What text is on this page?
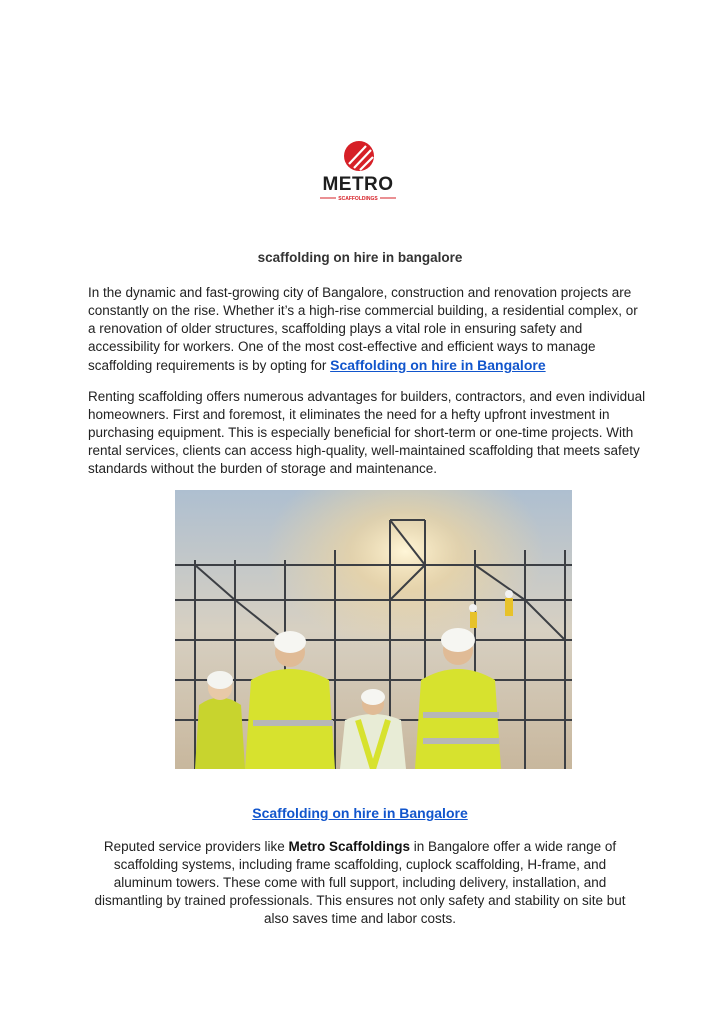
METRO
SCAFFOLDINGS
scaffolding on hire in bangalore
In the dynamic and fast-growing city of Bangalore, construction and renovation projects are constantly on the rise. Whether it’s a high-rise commercial building, a residential complex, or a renovation of older structures, scaffolding plays a vital role in ensuring safety and accessibility for workers. One of the most cost-effective and efficient ways to manage scaffolding requirements is by opting for Scaffolding on hire in Bangalore
Renting scaffolding offers numerous advantages for builders, contractors, and even individual homeowners. First and foremost, it eliminates the need for a hefty upfront investment in purchasing equipment. This is especially beneficial for short-term or one-time projects. With rental services, clients can access high-quality, well-maintained scaffolding that meets safety standards without the burden of storage and maintenance.
Scaffolding on hire in Bangalore
Reputed service providers like Metro Scaffoldings in Bangalore offer a wide range of scaffolding systems, including frame scaffolding, cuplock scaffolding, H-frame, and aluminum towers. These come with full support, including delivery, installation, and dismantling by trained professionals. This ensures not only safety and stability on site but also saves time and labor costs.
